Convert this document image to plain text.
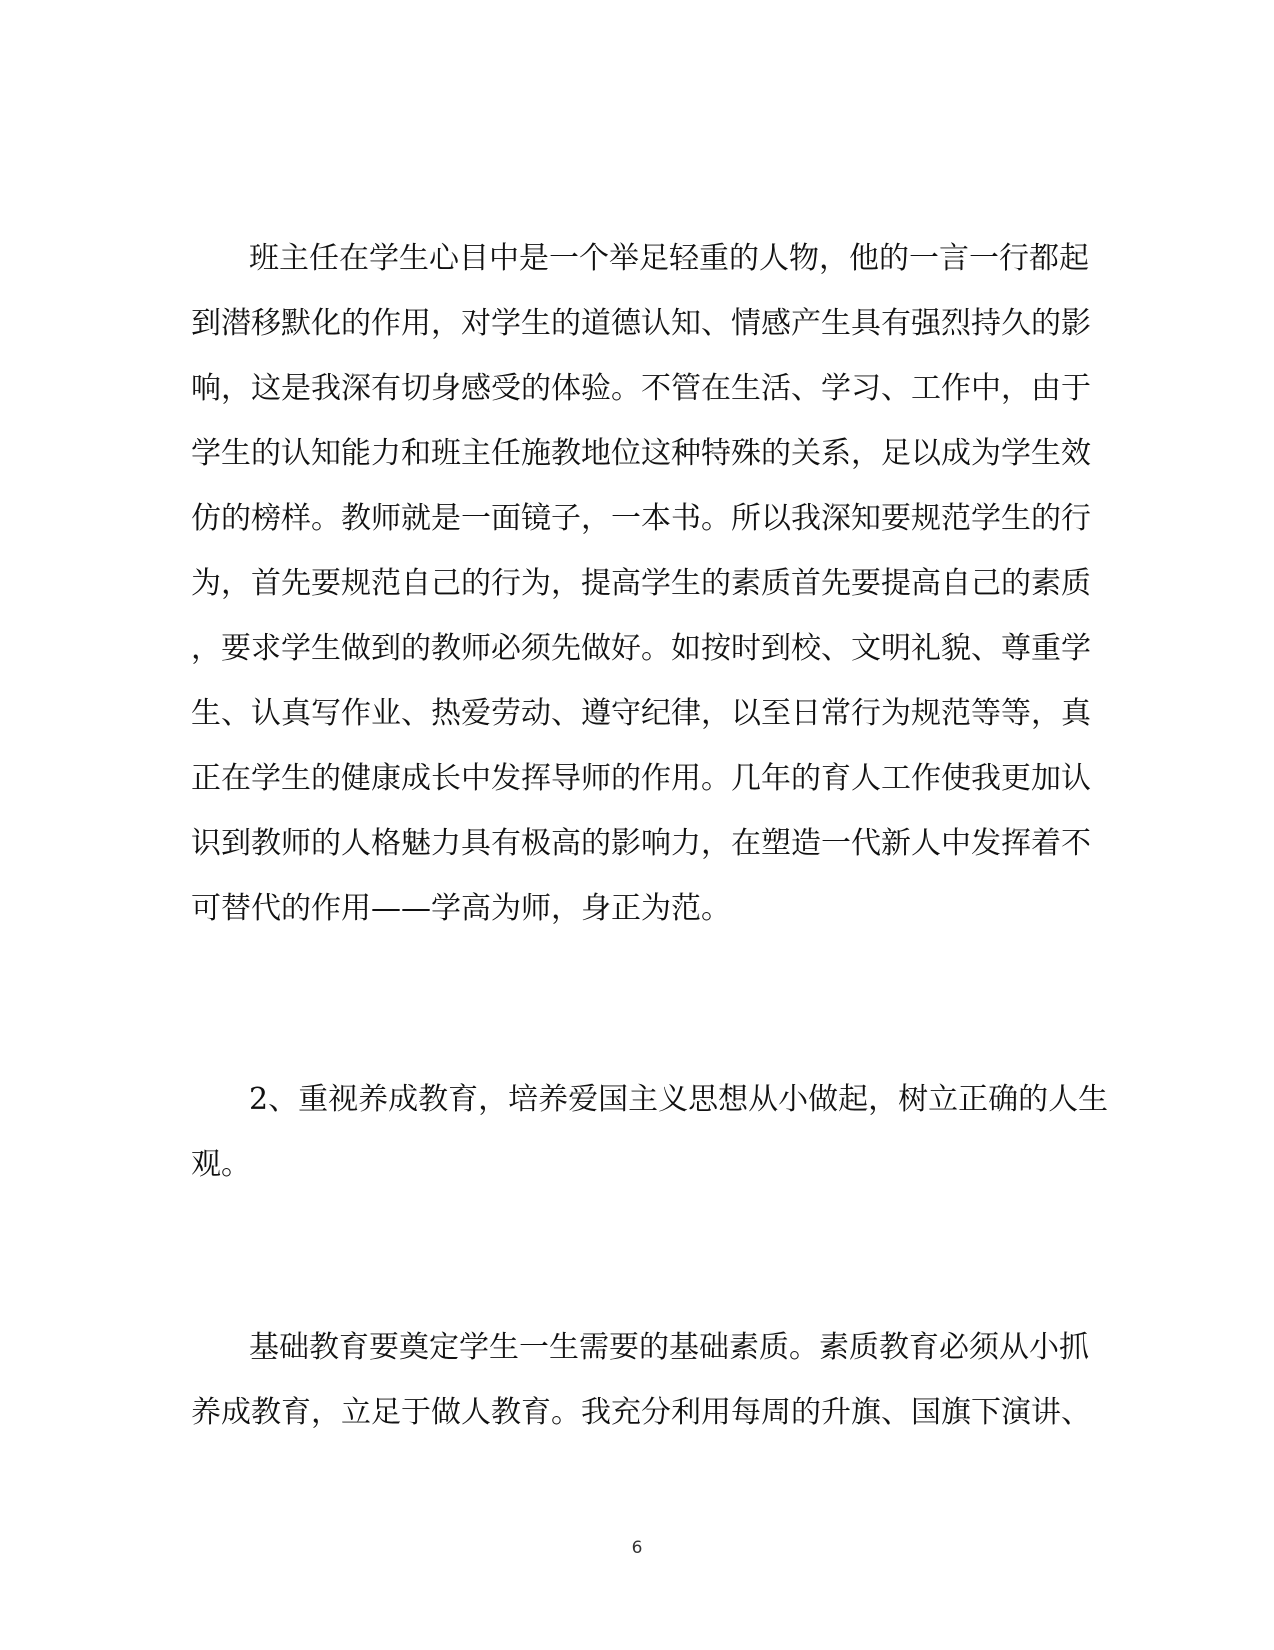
班主任在学生心目中是一个举足轻重的人物，他的一言一行都起
到潜移默化的作用，对学生的道德认知、情感产生具有强烈持久的影
响，这是我深有切身感受的体验。不管在生活、学习、工作中，由于
学生的认知能力和班主任施教地位这种特殊的关系，足以成为学生效
仿的榜样。教师就是一面镜子，一本书。所以我深知要规范学生的行
为，首先要规范自己的行为，提高学生的素质首先要提高自己的素质
，要求学生做到的教师必须先做好。如按时到校、文明礼貌、尊重学
生、认真写作业、热爱劳动、遵守纪律，以至日常行为规范等等，真
正在学生的健康成长中发挥导师的作用。几年的育人工作使我更加认
识到教师的人格魅力具有极高的影响力，在塑造一代新人中发挥着不
可替代的作用——学高为师，身正为范。
2、重视养成教育，培养爱国主义思想从小做起，树立正确的人生
观。
基础教育要奠定学生一生需要的基础素质。素质教育必须从小抓
养成教育，立足于做人教育。我充分利用每周的升旗、国旗下演讲、
6
